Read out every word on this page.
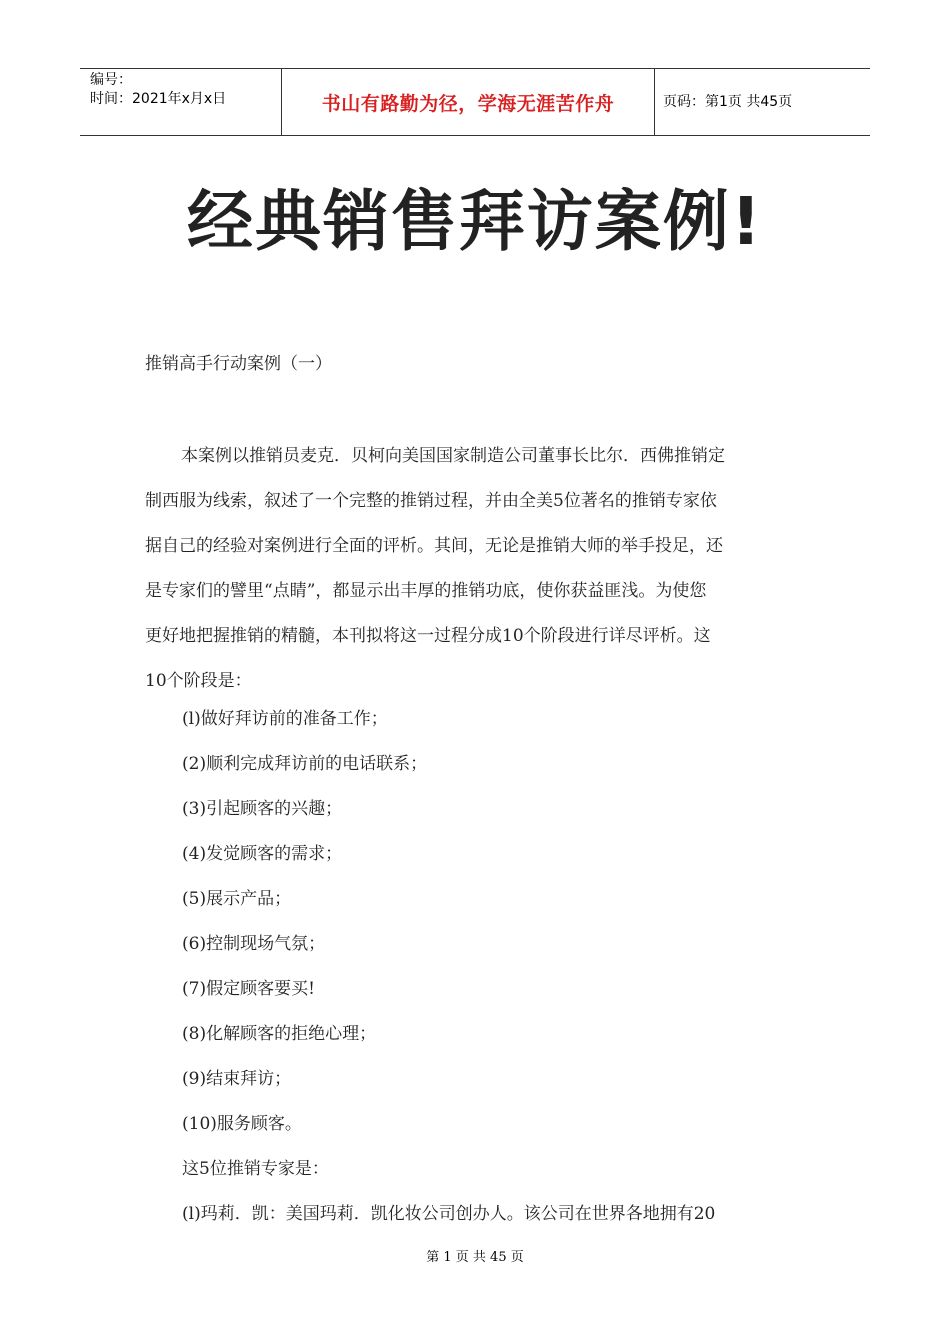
编号：
时间：2021年x月x日	书山有路勤为径，学海无涯苦作舟	页码：第1页 共45页
经典销售拜访案例!
推销高手行动案例（一）
本案例以推销员麦克．贝柯向美国国家制造公司董事长比尔．西佛推销定
制西服为线索，叙述了一个完整的推销过程，并由全美5位著名的推销专家依
据自己的经验对案例进行全面的评析。其间，无论是推销大师的举手投足，还
是专家们的譬里“点睛”，都显示出丰厚的推销功底，使你获益匪浅。为使您
更好地把握推销的精髓，本刊拟将这一过程分成10个阶段进行详尽评析。这
10个阶段是：
(l)做好拜访前的准备工作；
(2)顺利完成拜访前的电话联系；
(3)引起顾客的兴趣；
(4)发觉顾客的需求；
(5)展示产品；
(6)控制现场气氛；
(7)假定顾客要买!
(8)化解顾客的拒绝心理；
(9)结束拜访；
(10)服务顾客。
这5位推销专家是：
(l)玛莉．凯：美国玛莉．凯化妆公司创办人。该公司在世界各地拥有20
第 1 页 共 45 页
